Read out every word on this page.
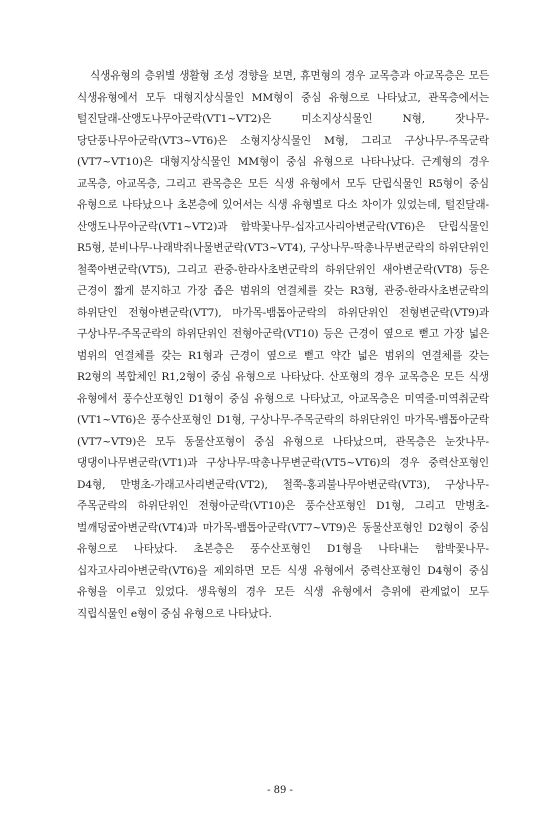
식생유형의 층위별 생활형 조성 경향을 보면, 휴면형의 경우 교목층과 아교목층은 모든 식생유형에서 모두 대형지상식물인 MM형이 중심 유형으로 나타났고, 관목층에서는 털진달래-산앵도나무아군락(VT1~VT2)은 미소지상식물인 N형, 잣나무-당단풍나무아군락(VT3~VT6)은 소형지상식물인 M형, 그리고 구상나무-주목군락(VT7~VT10)은 대형지상식물인 MM형이 중심 유형으로 나타나났다. 근계형의 경우 교목층, 아교목층, 그리고 관목층은 모든 식생 유형에서 모두 단립식물인 R5형이 중심 유형으로 나타났으나 초본층에 있어서는 식생 유형별로 다소 차이가 있었는데, 털진달래-산앵도나무아군락(VT1~VT2)과 함박꽃나무-십자고사리아변군락(VT6)은 단립식물인 R5형, 분비나무-나래박쥐나물변군락(VT3~VT4), 구상나무-딱총나무변군락의 하위단위인 철쭉아변군락(VT5), 그리고 관중-한라사초변군락의 하위단위인 새아변군락(VT8) 등은 근경이 짧게 분지하고 가장 좁은 범위의 연결체를 갖는 R3형, 관중-한라사초변군락의 하위단인 전형아변군락(VT7), 마가목-뱀톱아군락의 하위단위인 전형변군락(VT9)과 구상나무-주목군락의 하위단위인 전형아군락(VT10) 등은 근경이 옆으로 뻗고 가장 넓은 범위의 연결체를 갖는 R1형과 근경이 옆으로 뻗고 약간 넓은 범위의 연결체를 갖는 R2형의 복합체인 R1,2형이 중심 유형으로 나타났다. 산포형의 경우 교목층은 모든 식생 유형에서 풍수산포형인 D1형이 중심 유형으로 나타났고, 아교목층은 미역줄-미역취군락(VT1~VT6)은 풍수산포형인 D1형, 구상나무-주목군락의 하위단위인 마가목-뱀톱아군락(VT7~VT9)은 모두 동물산포형이 중심 유형으로 나타났으며, 관목층은 눈잣나무-댕댕이나무변군락(VT1)과 구상나무-딱총나무변군락(VT5~VT6)의 경우 중력산포형인 D4형, 만병초-가래고사리변군락(VT2), 철쭉-홍괴불나무아변군락(VT3), 구상나무-주목군락의 하위단위인 전형아군락(VT10)은 풍수산포형인 D1형, 그리고 만병초-벌깨덩굴아변군락(VT4)과 마가목-뱀톱아군락(VT7~VT9)은 동물산포형인 D2형이 중심 유형으로 나타났다. 초본층은 풍수산포형인 D1형을 나타내는 함박꽃나무-십자고사리아변군락(VT6)을 제외하면 모든 식생 유형에서 중력산포형인 D4형이 중심 유형을 이루고 있었다. 생육형의 경우 모든 식생 유형에서 층위에 관계없이 모두 직립식물인 e형이 중심 유형으로 나타났다.

- 89 -
